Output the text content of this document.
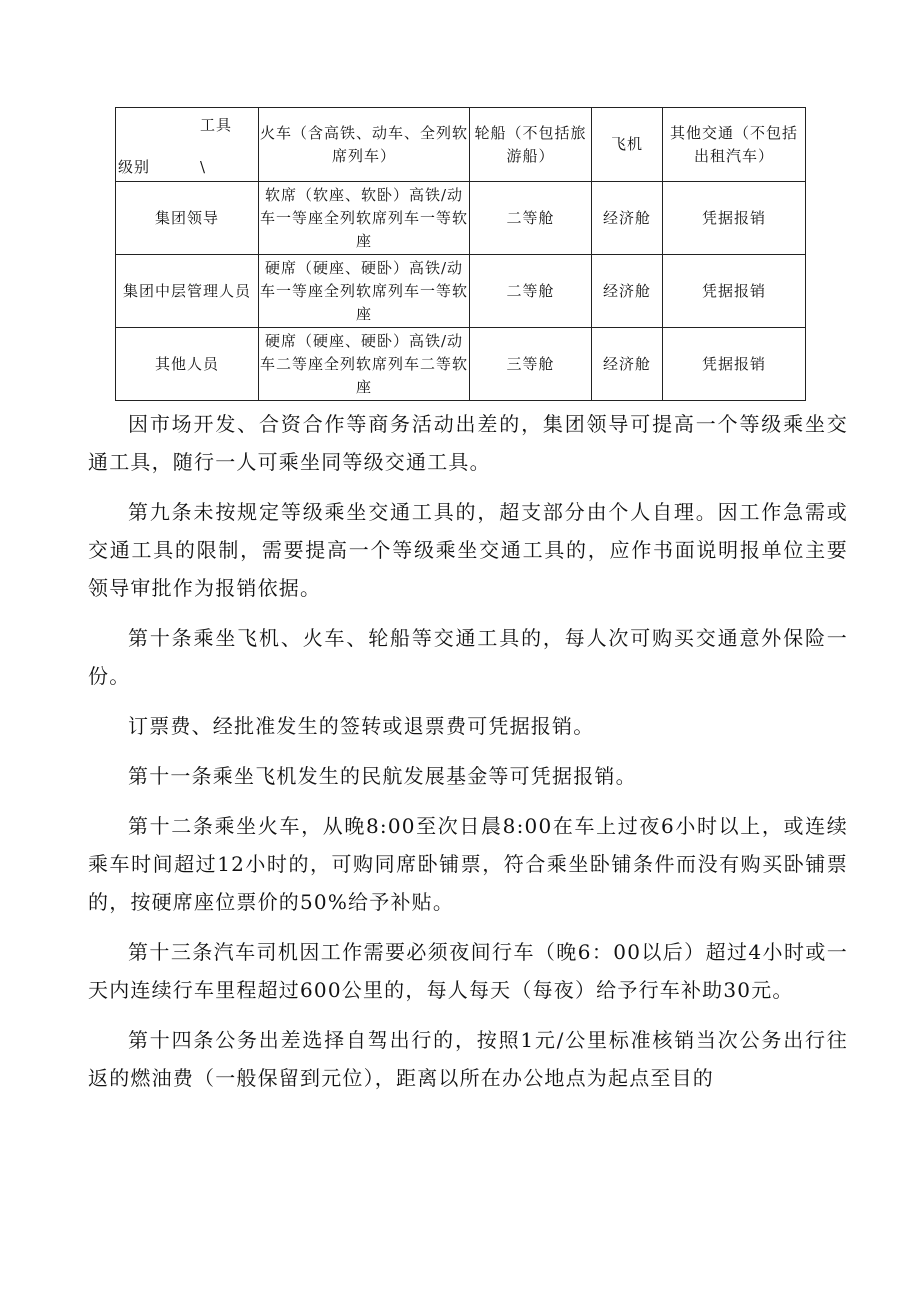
工具
级别 \	火车（含高铁、动车、全列软席列车）	轮船（不包括旅游船）	飞机	其他交通（不包括出租汽车）
集团领导	软席（软座、软卧）高铁/动车一等座全列软席列车一等软座	二等舱	经济舱	凭据报销
集团中层管理人员	硬席（硬座、硬卧）高铁/动车一等座全列软席列车一等软座	二等舱	经济舱	凭据报销
其他人员	硬席（硬座、硬卧）高铁/动车二等座全列软席列车二等软座	三等舱	经济舱	凭据报销

因市场开发、合资合作等商务活动出差的，集团领导可提高一个等级乘坐交通工具，随行一人可乘坐同等级交通工具。

第九条未按规定等级乘坐交通工具的，超支部分由个人自理。因工作急需或交通工具的限制，需要提高一个等级乘坐交通工具的，应作书面说明报单位主要领导审批作为报销依据。

第十条乘坐飞机、火车、轮船等交通工具的，每人次可购买交通意外保险一份。

订票费、经批准发生的签转或退票费可凭据报销。

第十一条乘坐飞机发生的民航发展基金等可凭据报销。

第十二条乘坐火车，从晚8:00至次日晨8:00在车上过夜6小时以上，或连续乘车时间超过12小时的，可购同席卧铺票，符合乘坐卧铺条件而没有购买卧铺票的，按硬席座位票价的50%给予补贴。

第十三条汽车司机因工作需要必须夜间行车（晚6：00以后）超过4小时或一天内连续行车里程超过600公里的，每人每天（每夜）给予行车补助30元。

第十四条公务出差选择自驾出行的，按照1元/公里标准核销当次公务出行往返的燃油费（一般保留到元位），距离以所在办公地点为起点至目的
